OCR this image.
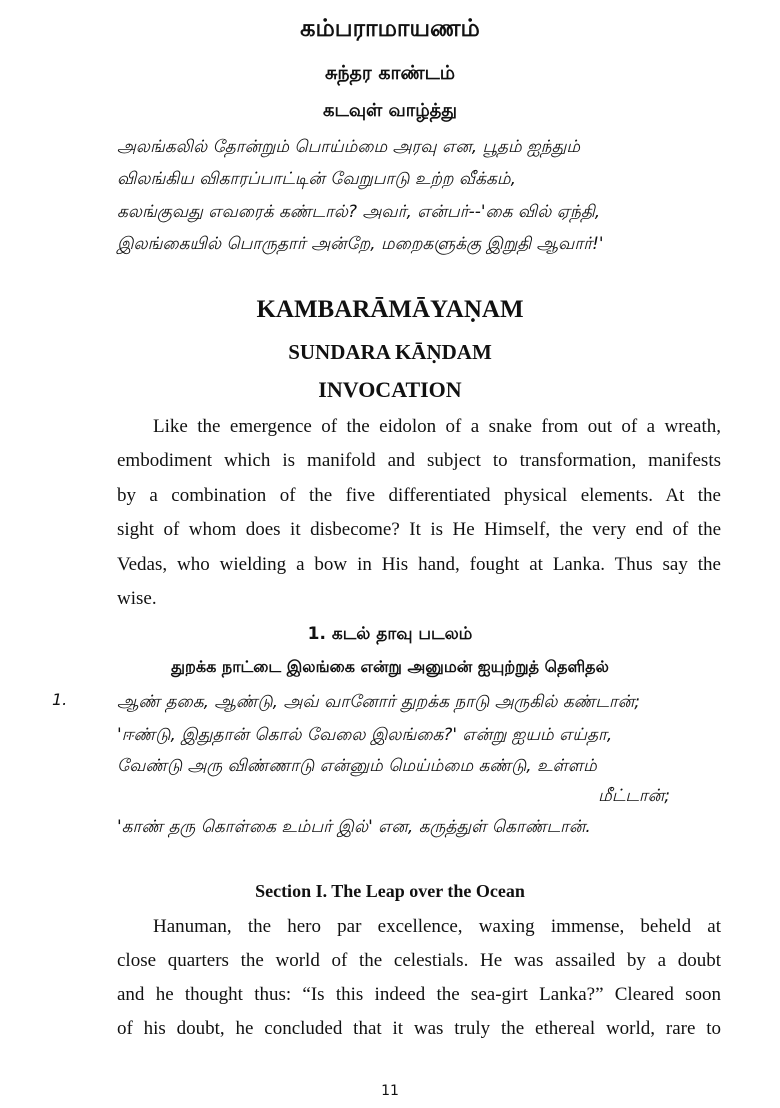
கம்பராமாயணம்
சுந்தர காண்டம்
கடவுள் வாழ்த்து
அலங்கலில் தோன்றும் பொய்ம்மை அரவு என, பூதம் ஐந்தும்
விலங்கிய விகாரப்பாட்டின் வேறுபாடு உற்ற வீக்கம்,
கலங்குவது எவரைக் கண்டால்? அவர், என்பர்--'கை வில் ஏந்தி,
இலங்கையில் பொருதார் அன்றே, மறைகளுக்கு இறுதி ஆவார்!'
KAMBARĀMĀYAṆAM
SUNDARA KĀṆDAM
INVOCATION
Like the emergence of the eidolon of a snake from out of a wreath,
embodiment which is manifold and subject to transformation, manifests
by a combination of the five differentiated physical elements. At the
sight of whom does it disbecome? It is He Himself, the very end of the
Vedas, who wielding a bow in His hand, fought at Lanka. Thus say the
wise.
1. கடல் தாவு படலம்
துறக்க நாட்டை இலங்கை என்று அனுமன் ஐயுற்றுத் தெளிதல்
1.	ஆண் தகை, ஆண்டு, அவ் வானோர் துறக்க நாடு அருகில் கண்டான்;
'ஈண்டு, இதுதான் கொல் வேலை இலங்கை?' என்று ஐயம் எய்தா,
வேண்டு அரு விண்ணாடு என்னும் மெய்ம்மை கண்டு, உள்ளம்
மீட்டான்;
'காண் தரு கொள்கை உம்பர் இல்' என, கருத்துள் கொண்டான்.
Section I. The Leap over the Ocean
Hanuman, the hero par excellence, waxing immense, beheld at
close quarters the world of the celestials. He was assailed by a doubt
and he thought thus: “Is this indeed the sea-girt Lanka?” Cleared soon
of his doubt, he concluded that it was truly the ethereal world, rare to
11
